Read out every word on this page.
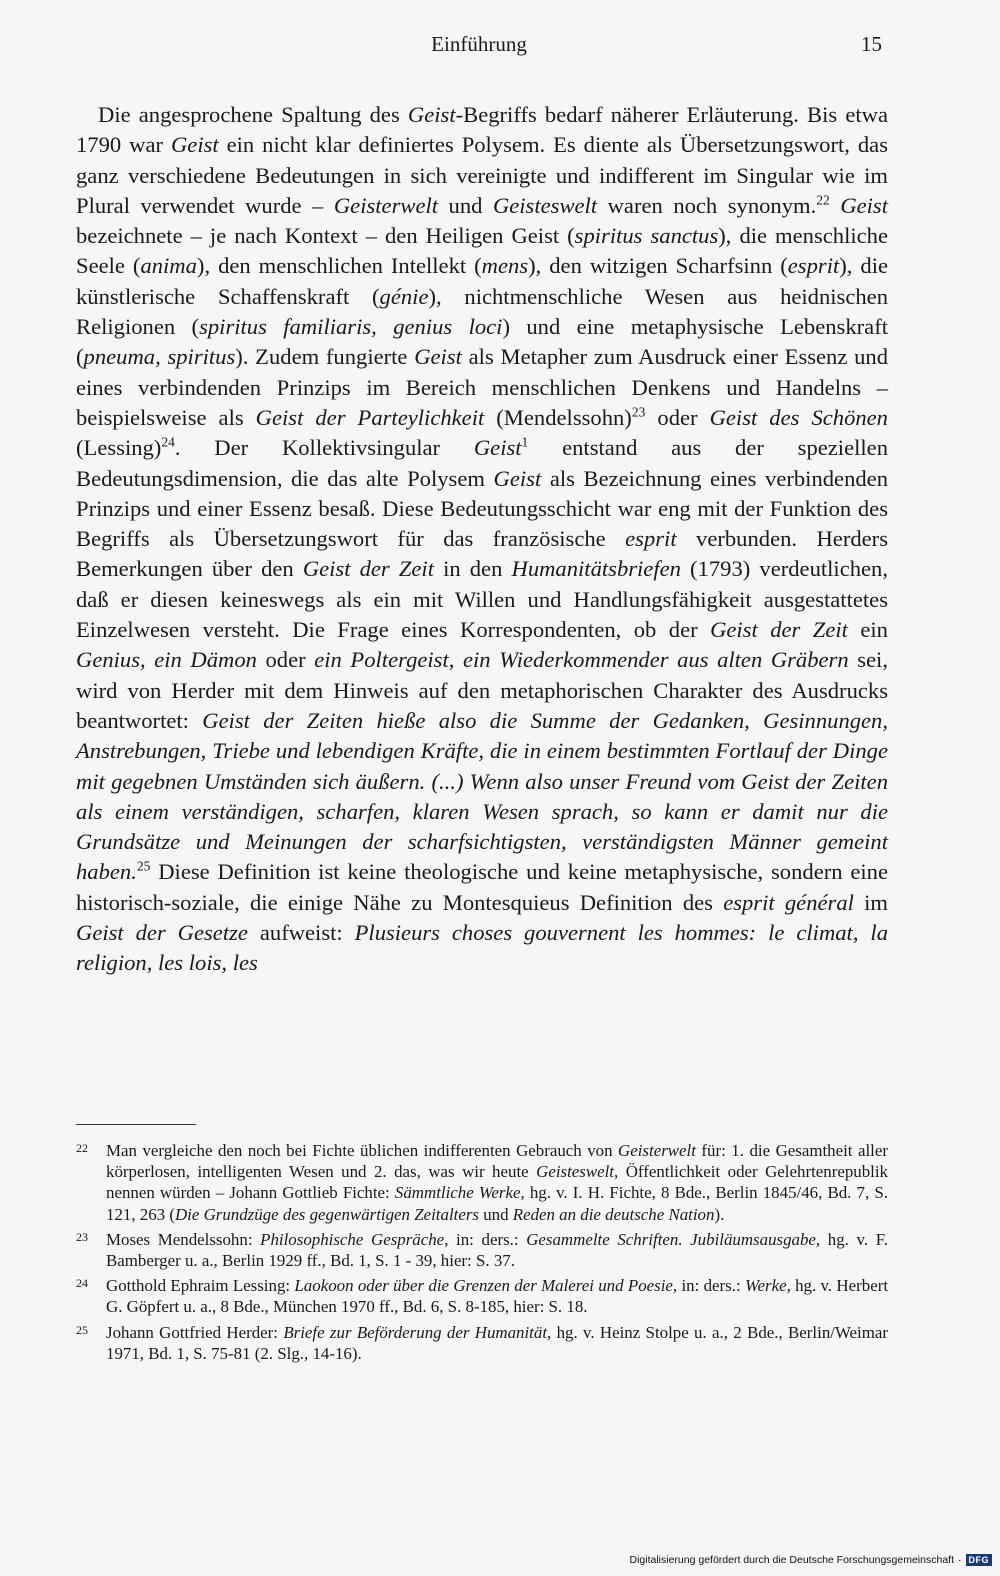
Einführung	15

Die angesprochene Spaltung des Geist-Begriffs bedarf näherer Erläuterung. Bis etwa 1790 war Geist ein nicht klar definiertes Polysem. Es diente als Übersetzungswort, das ganz verschiedene Bedeutungen in sich vereinigte und indifferent im Singular wie im Plural verwendet wurde – Geisterwelt und Geisteswelt waren noch synonym.$^{22}$ Geist bezeichnete – je nach Kontext – den Heiligen Geist (spiritus sanctus), die menschliche Seele (anima), den menschlichen Intellekt (mens), den witzigen Scharfsinn (esprit), die künstlerische Schaffenskraft (génie), nichtmenschliche Wesen aus heidnischen Religionen (spiritus familiaris, genius loci) und eine metaphysische Lebenskraft (pneuma, spiritus). Zudem fungierte Geist als Metapher zum Ausdruck einer Essenz und eines verbindenden Prinzips im Bereich menschlichen Denkens und Handelns – beispielsweise als Geist der Parteylichkeit (Mendelssohn)$^{23}$ oder Geist des Schönen $(Lessing)^{24}$. Der Kollektivsingular Geist$^1$ entstand aus der speziellen Bedeutungsdimension, die das alte Polysem Geist als Bezeichnung eines verbindenden Prinzips und einer Essenz besaß. Diese Bedeutungsschicht war eng mit der Funktion des Begriffs als Übersetzungswort für das französische esprit verbunden. Herders Bemerkungen über den Geist der Zeit in den Humanitätsbriefen (1793) verdeutlichen, daß er diesen keineswegs als ein mit Willen und Handlungsfähigkeit ausgestattetes Einzelwesen versteht. Die Frage eines Korrespondenten, ob der Geist der Zeit ein Genius, ein Dämon oder ein Poltergeist, ein Wiederkommender aus alten Gräbern sei, wird von Herder mit dem Hinweis auf den metaphorischen Charakter des Ausdrucks beantwortet: Geist der Zeiten hieße also die Summe der Gedanken, Gesinnungen, Anstrebungen, Triebe und lebendigen Kräfte, die in einem bestimmten Fortlauf der Dinge mit gegebnen Umständen sich äußern. (...) Wenn also unser Freund vom Geist der Zeiten als einem verständigen, scharfen, klaren Wesen sprach, so kann er damit nur die Grundsätze und Meinungen der scharfsichtigsten, verständigsten Männer gemeint haben.$^{25}$ Diese Definition ist keine theologische und keine metaphysische, sondern eine historisch-soziale, die einige Nähe zu Montesquieus Definition des esprit général im Geist der Gesetze aufweist: Plusieurs choses gouvernent les hommes: le climat, la religion, les lois, les

22 Man vergleiche den noch bei Fichte üblichen indifferenten Gebrauch von Geisterwelt für: 1. die Gesamtheit aller körperlosen, intelligenten Wesen und 2. das, was wir heute Geisteswelt, Öffentlichkeit oder Gelehrtenrepublik nennen würden – Johann Gottlieb Fichte: Sämmtliche Werke, hg. v. I. H. Fichte, 8 Bde., Berlin 1845/46, Bd. 7, S. 121, 263 (Die Grundzüge des gegenwärtigen Zeitalters und Reden an die deutsche Nation).

23 Moses Mendelssohn: Philosophische Gespräche, in: ders.: Gesammelte Schriften. Jubiläumsausgabe, hg. v. F. Bamberger u. a., Berlin 1929 ff., Bd. 1, S. 1 - 39, hier: S. 37.

24 Gotthold Ephraim Lessing: Laokoon oder über die Grenzen der Malerei und Poesie, in: ders.: Werke, hg. v. Herbert G. Göpfert u. a., 8 Bde., München 1970 ff., Bd. 6, S. 8-185, hier: S. 18.

25 Johann Gottfried Herder: Briefe zur Beförderung der Humanität, hg. v. Heinz Stolpe u. a., 2 Bde., Berlin/Weimar 1971, Bd. 1, S. 75-81 (2. Slg., 14-16).

Digitalisierung gefördert durch die Deutsche Forschungsgemeinschaft · DFG
